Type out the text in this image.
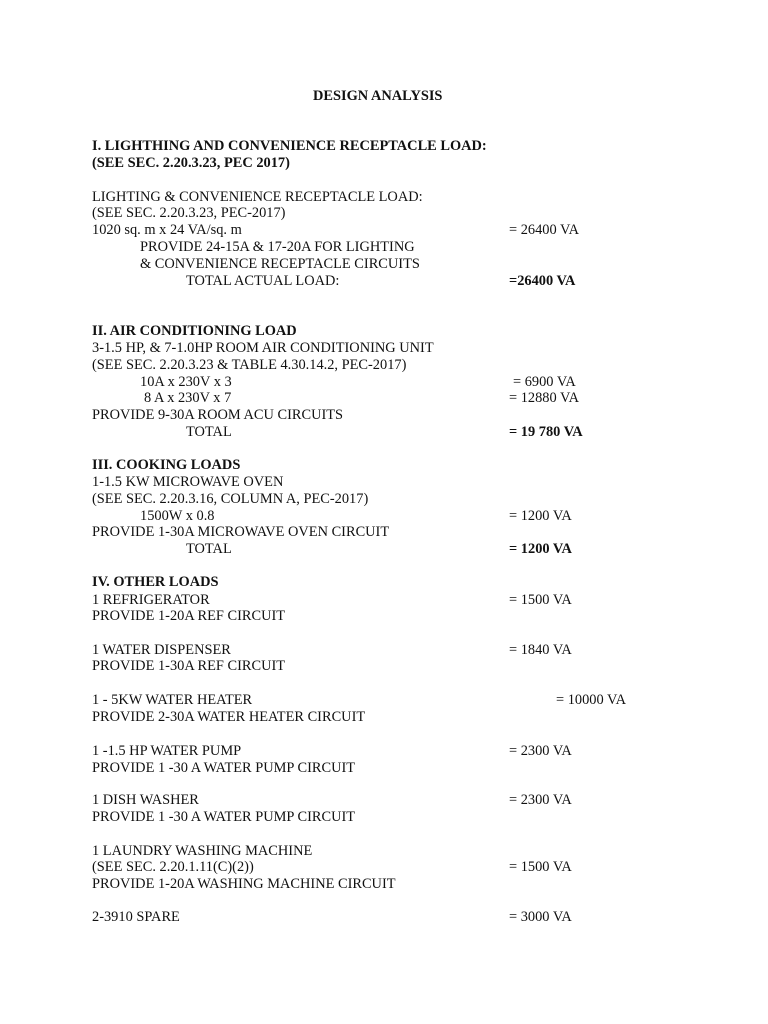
DESIGN ANALYSIS

I. LIGHTHING AND CONVENIENCE RECEPTACLE LOAD:

(SEE SEC. 2.20.3.23, PEC 2017)

LIGHTING & CONVENIENCE RECEPTACLE LOAD:

(SEE SEC. 2.20.3.23, PEC-2017)

1020 sq. m x 24 VA/sq. m	= 26400 VA

PROVIDE 24-15A & 17-20A FOR LIGHTING

& CONVENIENCE RECEPTACLE CIRCUITS

TOTAL ACTUAL LOAD:	=26400 VA

II. AIR CONDITIONING LOAD

3-1.5 HP, & 7-1.0HP ROOM AIR CONDITIONING UNIT

(SEE SEC. 2.20.3.23 & TABLE 4.30.14.2, PEC-2017)

10A x 230V x 3	= 6900 VA

8 A x 230V x 7	= 12880 VA

PROVIDE 9-30A ROOM ACU CIRCUITS

TOTAL	= 19 780 VA

III. COOKING LOADS

1-1.5 KW MICROWAVE OVEN

(SEE SEC. 2.20.3.16, COLUMN A, PEC-2017)

1500W x 0.8	= 1200 VA

PROVIDE 1-30A MICROWAVE OVEN CIRCUIT

TOTAL	= 1200 VA

IV. OTHER LOADS

1 REFRIGERATOR	= 1500 VA

PROVIDE 1-20A REF CIRCUIT

1 WATER DISPENSER	= 1840 VA

PROVIDE 1-30A REF CIRCUIT

1 - 5KW WATER HEATER	= 10000 VA

PROVIDE 2-30A WATER HEATER CIRCUIT

1 -1.5 HP WATER PUMP	= 2300 VA

PROVIDE 1 -30 A WATER PUMP CIRCUIT

1 DISH WASHER	= 2300 VA

PROVIDE 1 -30 A WATER PUMP CIRCUIT

1 LAUNDRY WASHING MACHINE

(SEE SEC. 2.20.1.11(C)(2))	= 1500 VA

PROVIDE 1-20A WASHING MACHINE CIRCUIT

2-3910 SPARE	= 3000 VA
